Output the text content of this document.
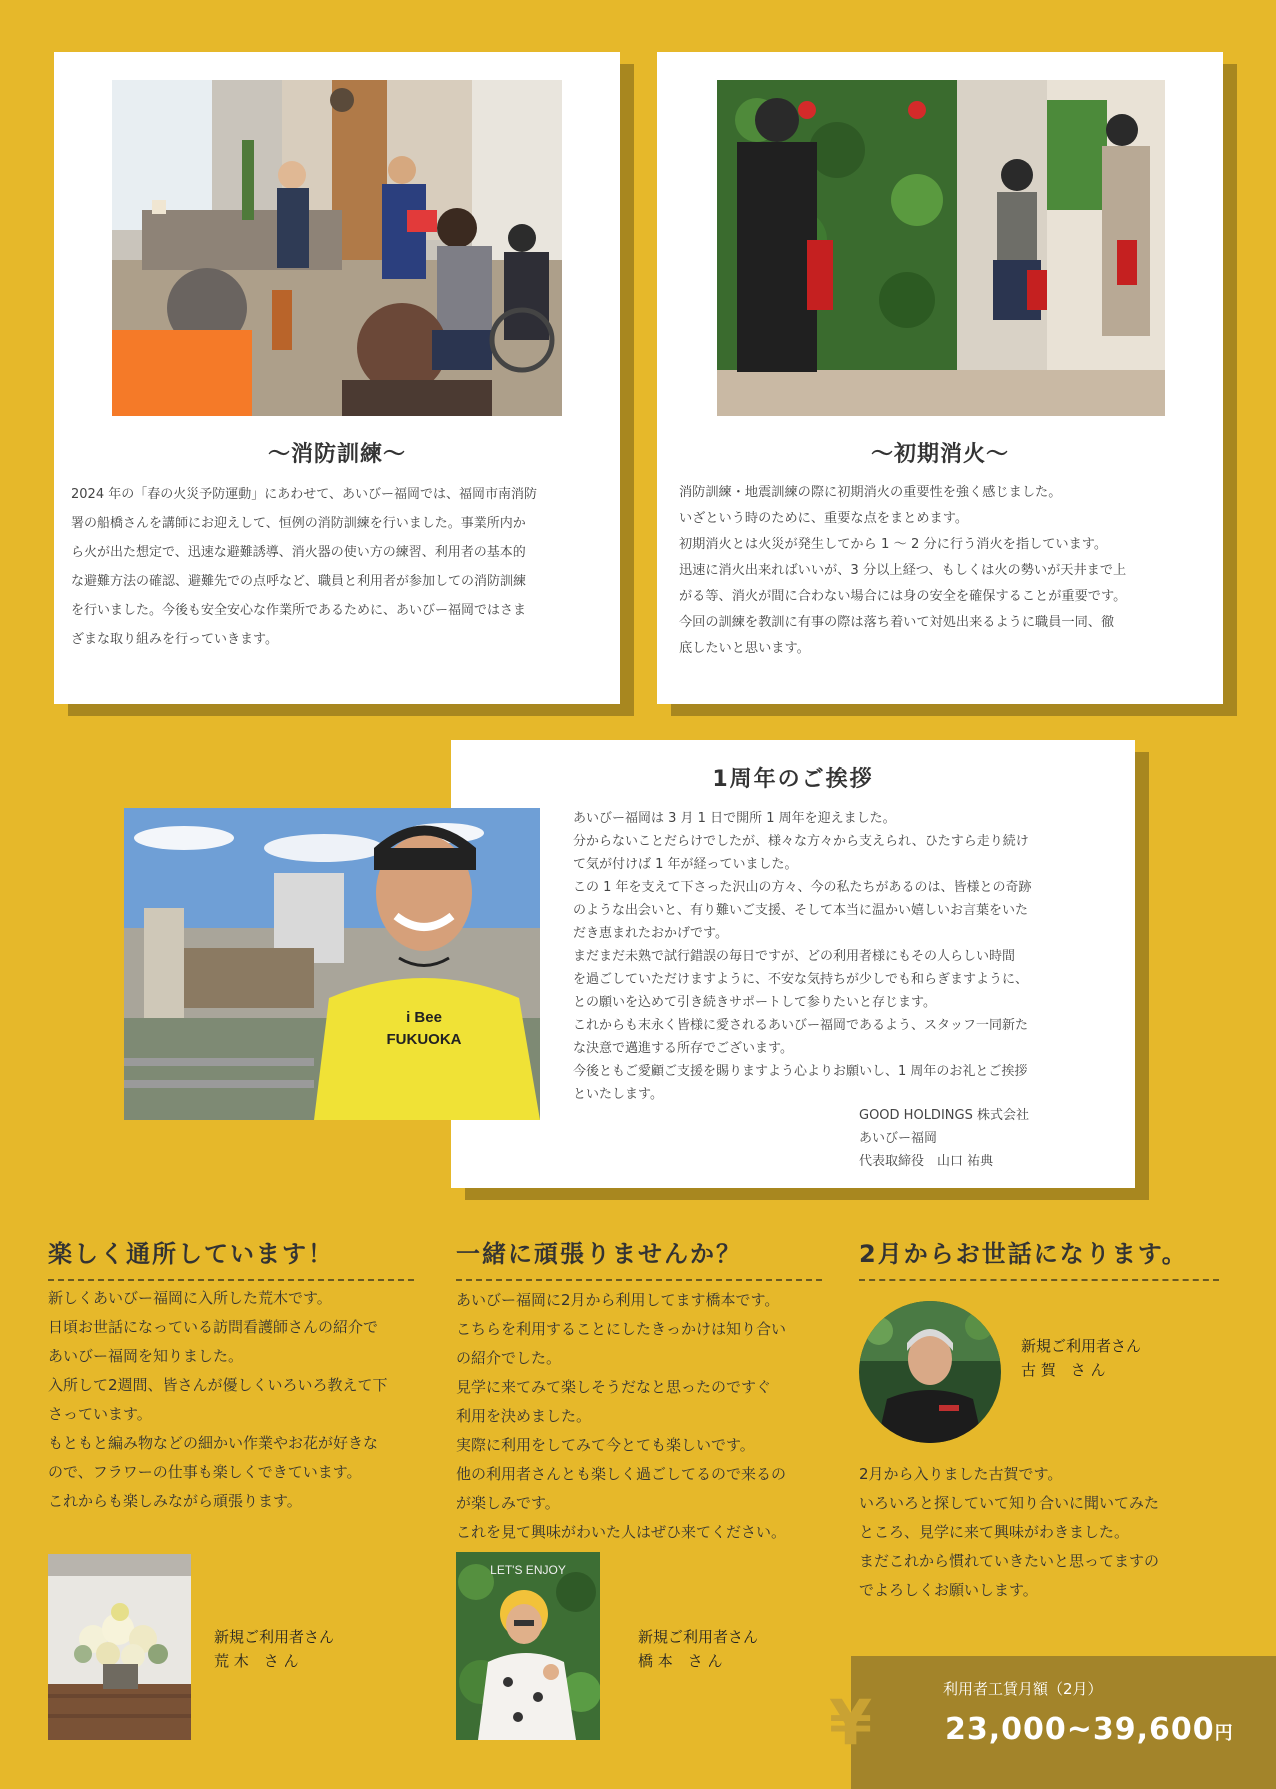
〜消防訓練〜
2024 年の「春の火災予防運動」にあわせて、あいびー福岡では、福岡市南消防
署の船橋さんを講師にお迎えして、恒例の消防訓練を行いました。事業所内か
ら火が出た想定で、迅速な避難誘導、消火器の使い方の練習、利用者の基本的
な避難方法の確認、避難先での点呼など、職員と利用者が参加しての消防訓練
を行いました。今後も安全安心な作業所であるために、あいびー福岡ではさま
ざまな取り組みを行っていきます。
〜初期消火〜
消防訓練・地震訓練の際に初期消火の重要性を強く感じました。
いざという時のために、重要な点をまとめます。
初期消火とは火災が発生してから 1 〜 2 分に行う消火を指しています。
迅速に消火出来ればいいが、3 分以上経つ、もしくは火の勢いが天井まで上
がる等、消火が間に合わない場合には身の安全を確保することが重要です。
今回の訓練を教訓に有事の際は落ち着いて対処出来るように職員一同、徹
底したいと思います。
1周年のご挨拶
あいびー福岡は 3 月 1 日で開所 1 周年を迎えました。
分からないことだらけでしたが、様々な方々から支えられ、ひたすら走り続け
て気が付けば 1 年が経っていました。
この 1 年を支えて下さった沢山の方々、今の私たちがあるのは、皆様との奇跡
のような出会いと、有り難いご支援、そして本当に温かい嬉しいお言葉をいた
だき恵まれたおかげです。
まだまだ未熟で試行錯誤の毎日ですが、どの利用者様にもその人らしい時間
を過ごしていただけますように、不安な気持ちが少しでも和らぎますように、
との願いを込めて引き続きサポートして参りたいと存じます。
これからも末永く皆様に愛されるあいびー福岡であるよう、スタッフ一同新た
な決意で邁進する所存でございます。
今後ともご愛顧ご支援を賜りますよう心よりお願いし、1 周年のお礼とご挨拶
といたします。
GOOD HOLDINGS 株式会社
あいびー福岡
代表取締役　山口 祐典
i Bee
FUKUOKA
楽しく通所しています！
新しくあいびー福岡に入所した荒木です。
日頃お世話になっている訪問看護師さんの紹介で
あいびー福岡を知りました。
入所して2週間、皆さんが優しくいろいろ教えて下
さっています。
もともと編み物などの細かい作業やお花が好きな
ので、フラワーの仕事も楽しくできています。
これからも楽しみながら頑張ります。
新規ご利用者さん
荒 木　さ ん
一緒に頑張りませんか？
あいびー福岡に2月から利用してます橋本です。
こちらを利用することにしたきっかけは知り合い
の紹介でした。
見学に来てみて楽しそうだなと思ったのですぐ
利用を決めました。
実際に利用をしてみて今とても楽しいです。
他の利用者さんとも楽しく過ごしてるので来るの
が楽しみです。
これを見て興味がわいた人はぜひ来てください。
LET'S ENJOY
新規ご利用者さん
橋 本　さ ん
2月からお世話になります。
新規ご利用者さん
古 賀　さ ん
2月から入りました古賀です。
いろいろと探していて知り合いに聞いてみた
ところ、見学に来て興味がわきました。
まだこれから慣れていきたいと思ってますの
でよろしくお願いします。
¥	利用者工賃月額（2月）
23,000~39,600円
